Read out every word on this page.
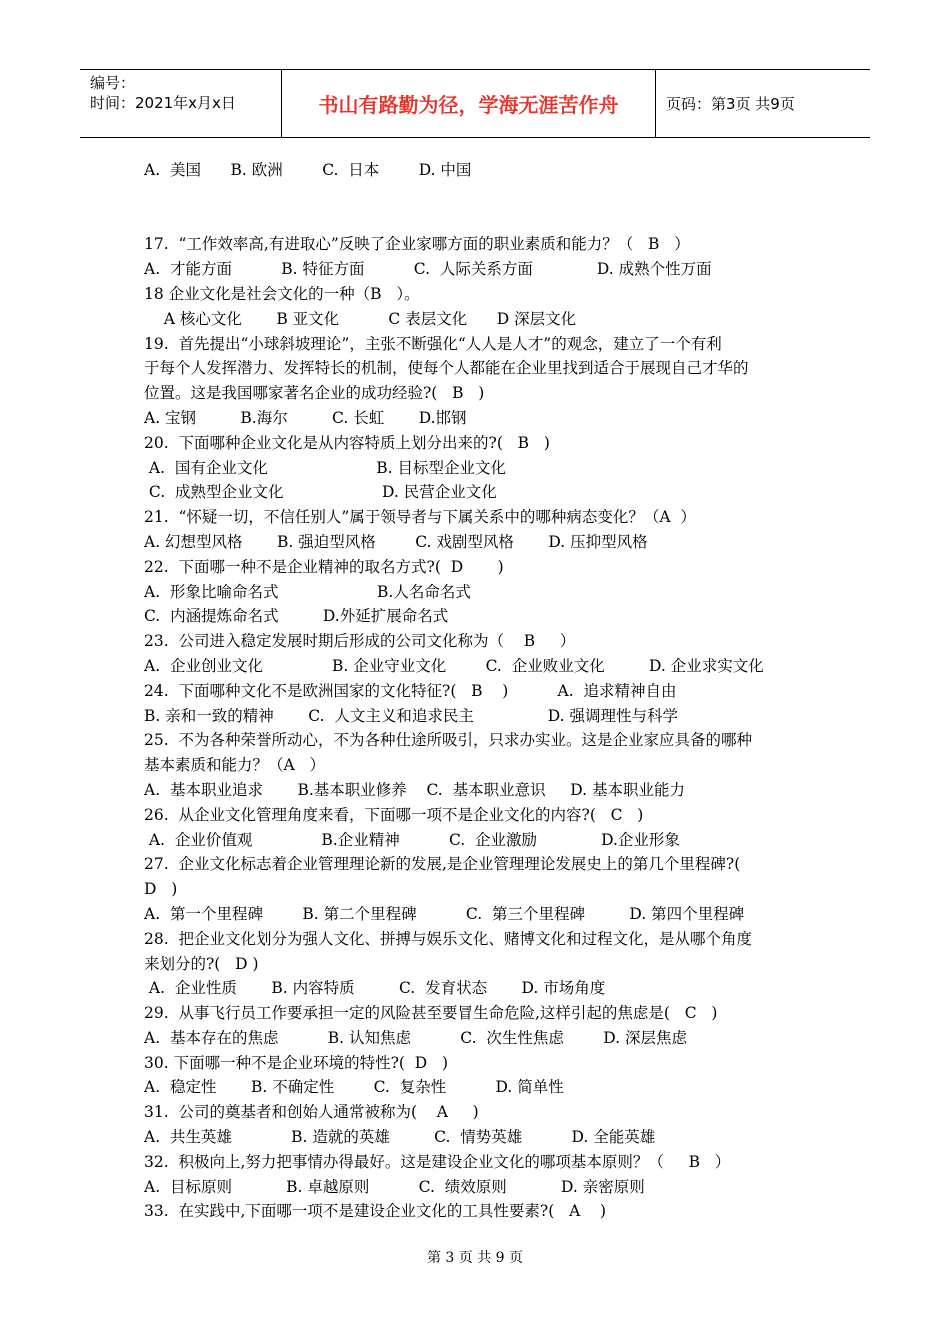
编号：
时间：2021年x月x日	书山有路勤为径，学海无涯苦作舟	页码：第3页 共9页
A.  美国      B. 欧洲        C.  日本        D. 中国
17.  “工作效率高,有进取心”反映了企业家哪方面的职业素质和能力？（   B   ）
A.  才能方面          B. 特征方面          C.  人际关系方面             D. 成熟个性万面
18 企业文化是社会文化的一种（B   ）。
A 核心文化       B 亚文化          C 表层文化      D 深层文化
19.  首先提出“小球斜坡理论”，主张不断强化“人人是人才”的观念，建立了一个有利
于每个人发挥潜力、发挥特长的机制，使每个人都能在企业里找到适合于展现自己才华的
位置。这是我国哪家著名企业的成功经验?(   B   )
A. 宝钢         B.海尔         C. 长虹       D.邯钢
20.  下面哪种企业文化是从内容特质上划分出来的?(   B   )
A.  国有企业文化                      B. 目标型企业文化
C.  成熟型企业文化                    D. 民营企业文化
21.  “怀疑一切，不信任别人”属于领导者与下属关系中的哪种病态变化？（A  ）
A. 幻想型风格       B. 强迫型风格        C. 戏剧型风格       D. 压抑型风格
22.  下面哪一种不是企业精神的取名方式?(  D       )
A.  形象比喻命名式                    B.人名命名式
C.  内涵提炼命名式         D.外延扩展命名式
23.  公司进入稳定发展时期后形成的公司文化称为（    B     ）
A.  企业创业文化              B. 企业守业文化        C.  企业败业文化         D. 企业求实文化
24.  下面哪种文化不是欧洲国家的文化特征?(   B    )          A.  追求精神自由
B. 亲和一致的精神       C.  人文主义和追求民主               D. 强调理性与科学
25.  不为各种荣誉所动心，不为各种仕途所吸引，只求办实业。这是企业家应具备的哪种
基本素质和能力？（A   ）
A.  基本职业追求       B.基本职业修养    C.  基本职业意识     D. 基本职业能力
26.  从企业文化管理角度来看，下面哪一项不是企业文化的内容?(   C   )
A.  企业价值观              B.企业精神          C.  企业激励             D.企业形象
27.  企业文化标志着企业管理理论新的发展,是企业管理理论发展史上的第几个里程碑?(
D   )
A.  第一个里程碑        B. 第二个里程碑          C.  第三个里程碑         D. 第四个里程碑
28.  把企业文化划分为强人文化、拼搏与娱乐文化、赌博文化和过程文化，是从哪个角度
来划分的?(   D )
A.  企业性质       B. 内容特质         C.  发育状态       D. 市场角度
29.  从事飞行员工作要承担一定的风险甚至要冒生命危险,这样引起的焦虑是(   C   )
A.  基本存在的焦虑          B. 认知焦虑          C.  次生性焦虑        D. 深层焦虑
30. 下面哪一种不是企业环境的特性?(  D   )
A.  稳定性       B. 不确定性        C.  复杂性          D. 简单性
31.  公司的奠基者和创始人通常被称为(    A     )
A.  共生英雄            B. 造就的英雄         C.  情势英雄          D. 全能英雄
32.  积极向上,努力把事情办得最好。这是建设企业文化的哪项基本原则？（     B   ）
A.  目标原则           B. 卓越原则          C.  绩效原则           D. 亲密原则
33.  在实践中,下面哪一项不是建设企业文化的工具性要素?(   A    )
第 3 页 共 9 页
